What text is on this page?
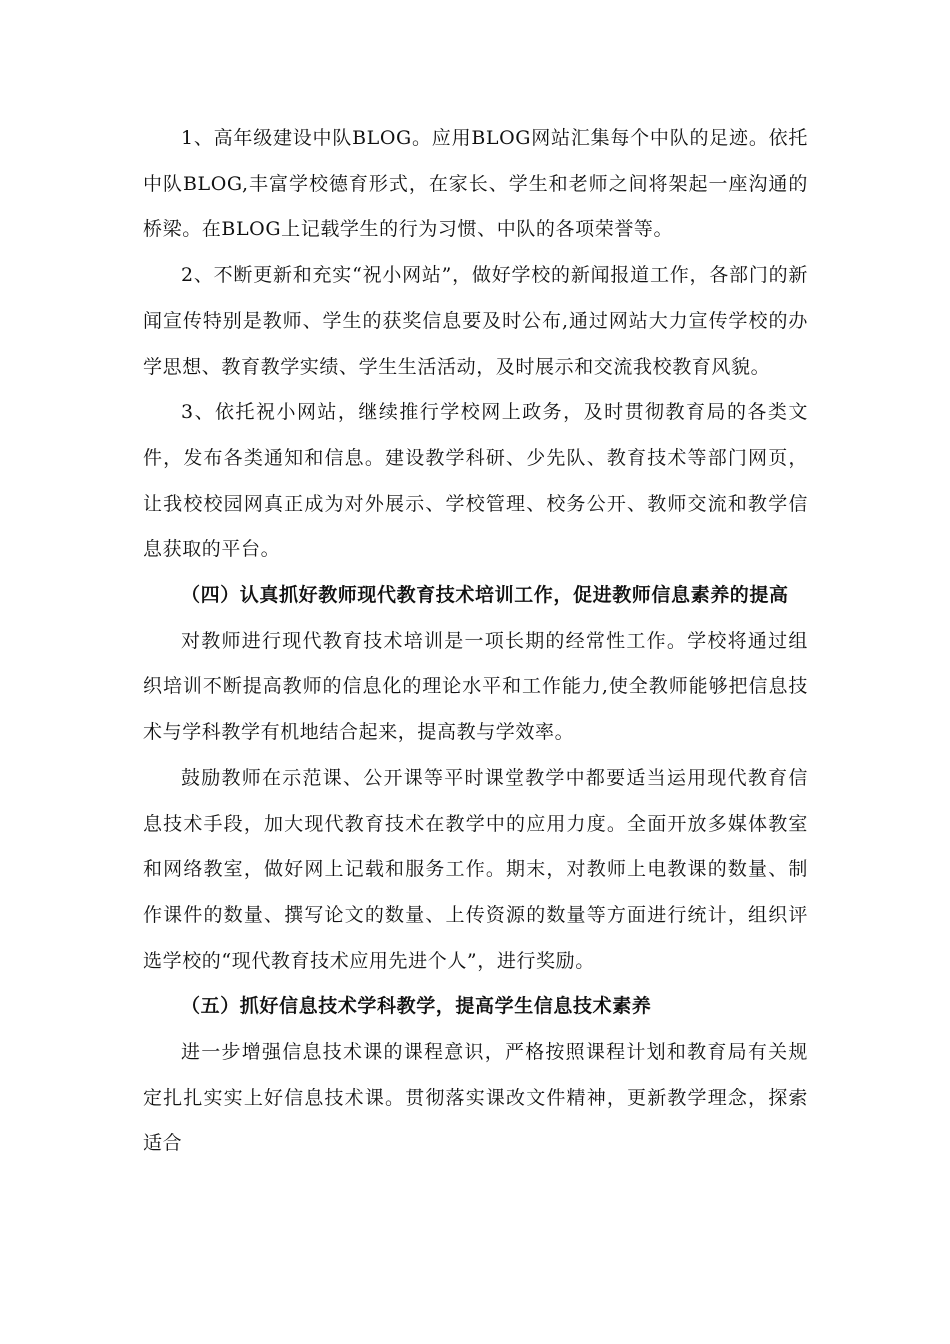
1、高年级建设中队BLOG。应用BLOG网站汇集每个中队的足迹。依托中队BLOG,丰富学校德育形式，在家长、学生和老师之间将架起一座沟通的桥梁。在BLOG上记载学生的行为习惯、中队的各项荣誉等。

2、不断更新和充实“祝小网站”，做好学校的新闻报道工作，各部门的新闻宣传特别是教师、学生的获奖信息要及时公布,通过网站大力宣传学校的办学思想、教育教学实绩、学生生活活动，及时展示和交流我校教育风貌。

3、依托祝小网站，继续推行学校网上政务，及时贯彻教育局的各类文件，发布各类通知和信息。建设教学科研、少先队、教育技术等部门网页，让我校校园网真正成为对外展示、学校管理、校务公开、教师交流和教学信息获取的平台。

（四）认真抓好教师现代教育技术培训工作，促进教师信息素养的提高

对教师进行现代教育技术培训是一项长期的经常性工作。学校将通过组织培训不断提高教师的信息化的理论水平和工作能力,使全教师能够把信息技术与学科教学有机地结合起来，提高教与学效率。

鼓励教师在示范课、公开课等平时课堂教学中都要适当运用现代教育信息技术手段，加大现代教育技术在教学中的应用力度。全面开放多媒体教室和网络教室，做好网上记载和服务工作。期末，对教师上电教课的数量、制作课件的数量、撰写论文的数量、上传资源的数量等方面进行统计，组织评选学校的“现代教育技术应用先进个人”，进行奖励。

（五）抓好信息技术学科教学，提高学生信息技术素养

进一步增强信息技术课的课程意识，严格按照课程计划和教育局有关规定扎扎实实上好信息技术课。贯彻落实课改文件精神，更新教学理念，探索适合
